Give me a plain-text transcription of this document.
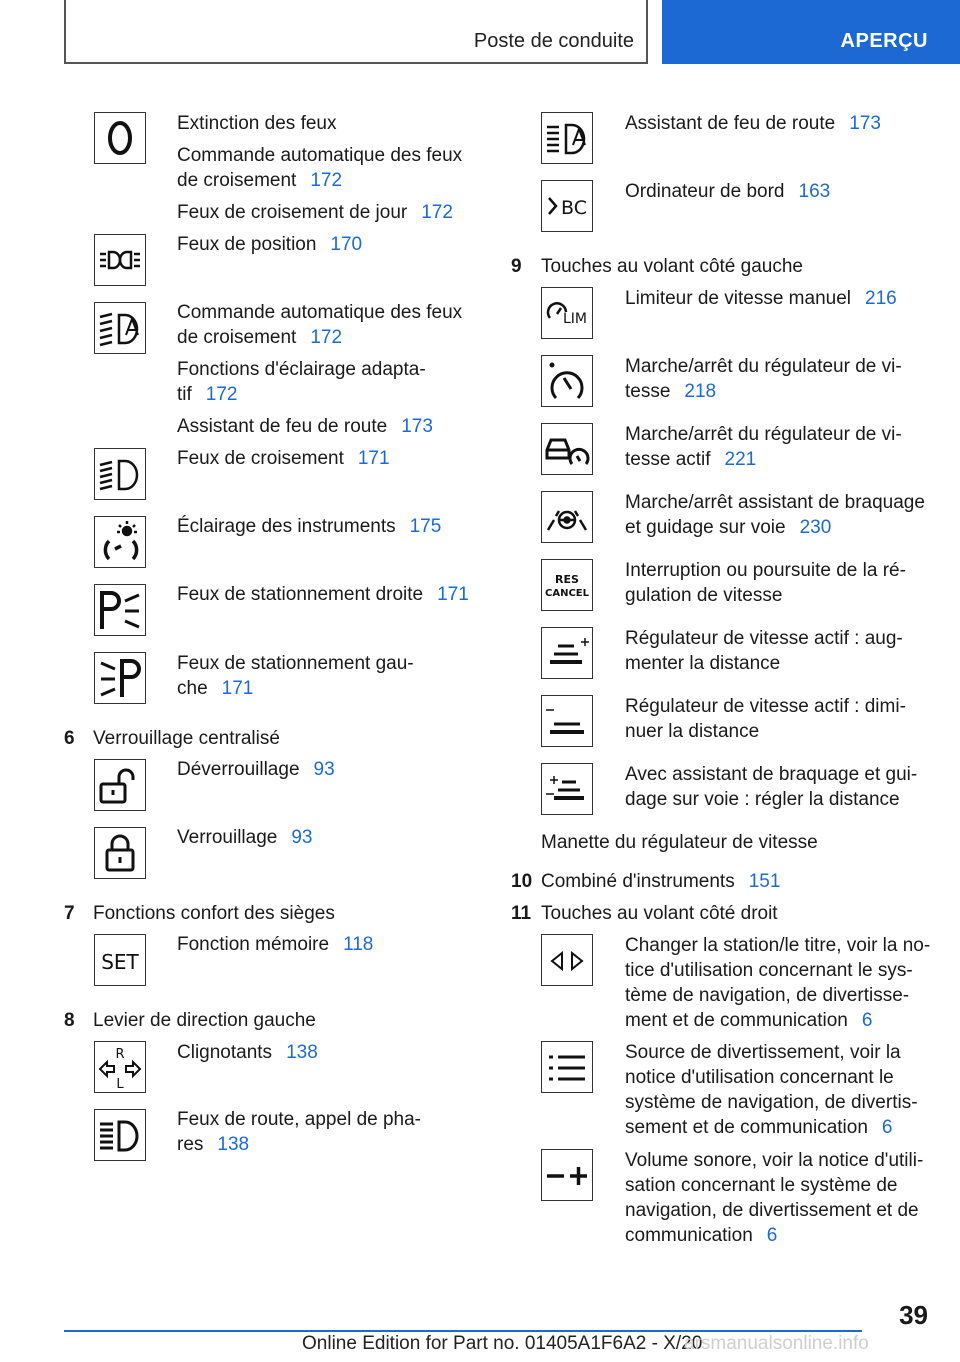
Poste de conduite	APERÇU
Extinction des feux
Commande automatique des feux
de croisement 172
Feux de croisement de jour 172
Feux de position 170
Commande automatique des feux
de croisement 172
Fonctions d'éclairage adapta-
tif 172
Assistant de feu de route 173
Feux de croisement 171
Éclairage des instruments 175
Feux de stationnement droite 171
Feux de stationnement gau-
che 171
6 Verrouillage centralisé
Déverrouillage 93
Verrouillage 93
7 Fonctions confort des sièges
SET
Fonction mémoire 118
8 Levier de direction gauche
R
L
Clignotants 138
Feux de route, appel de pha-
res 138
Assistant de feu de route 173
BC
Ordinateur de bord 163
9 Touches au volant côté gauche
LIM
Limiteur de vitesse manuel 216
Marche/arrêt du régulateur de vi-
tesse 218
Marche/arrêt du régulateur de vi-
tesse actif 221
Marche/arrêt assistant de braquage
et guidage sur voie 230
RES
CANCEL
Interruption ou poursuite de la ré-
gulation de vitesse
Régulateur de vitesse actif : aug-
menter la distance
Régulateur de vitesse actif : dimi-
nuer la distance
Avec assistant de braquage et gui-
dage sur voie : régler la distance
Manette du régulateur de vitesse
10 Combiné d'instruments 151
11 Touches au volant côté droit
Changer la station/le titre, voir la no-
tice d'utilisation concernant le sys-
tème de navigation, de divertisse-
ment et de communication 6
Source de divertissement, voir la
notice d'utilisation concernant le
système de navigation, de divertis-
sement et de communication 6
Volume sonore, voir la notice d'utili-
sation concernant le système de
navigation, de divertissement et de
communication 6
39
Online Edition for Part no. 01405A1F6A2 - X/20
arsmanualsonline.info
